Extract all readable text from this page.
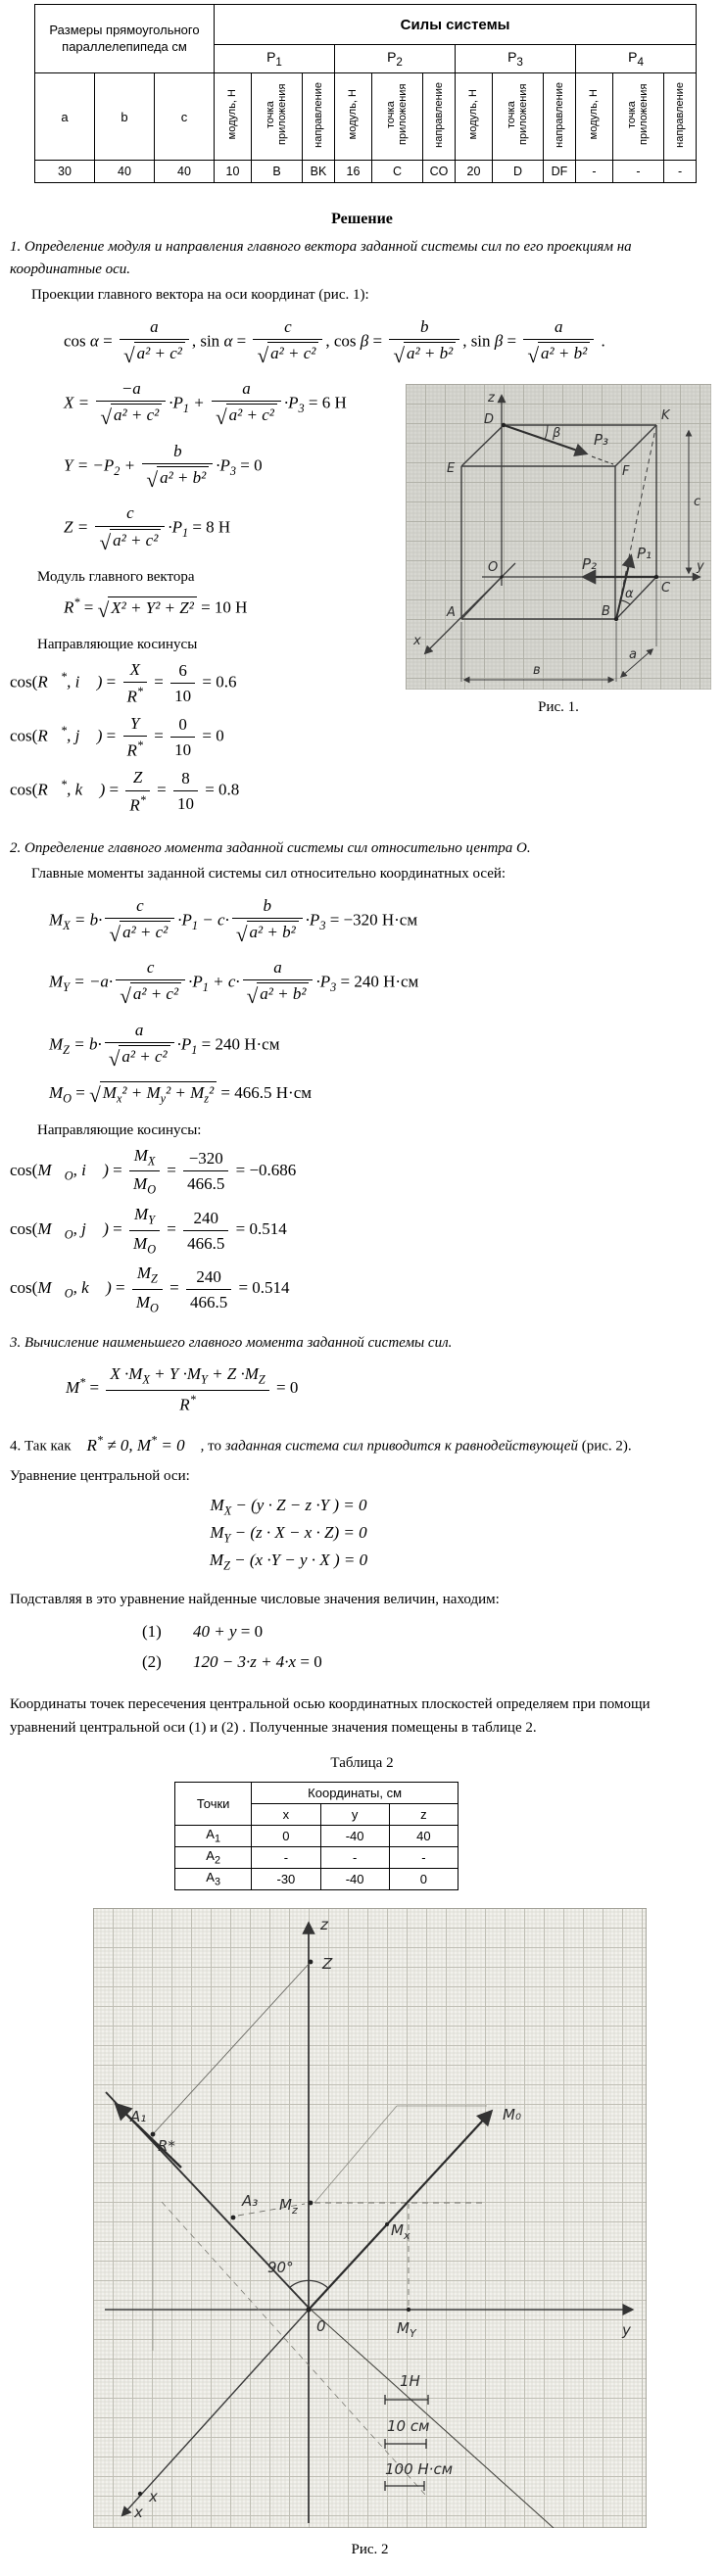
Размеры прямоугольного параллелепипеда см			Силы системы											
			$P_1$			$P_2$			$P_3$			$P_4$
a	b	c	модуль, Н	точка приложения	направление	модуль, Н	точка приложения	направление	модуль, Н	точка приложения	направление	модуль, Н	точка приложения	направление
30	40	40	10	B	BK	16	C	CO	20	D	DF	-	-	-
Решение

1. Определение модуля и направления главного вектора заданной системы сил по его проекциям на координатные оси.

Проекции главного вектора на оси координат (рис. 1):

$\cos \alpha = \frac{a}{\text{√ a² + c²}}$ , $\sin \alpha = \frac{c}{\text{√ a² + c²}}$ , $\cos \beta = \frac{b}{\text{√ a² + b²}}$ , $\sin \beta = \frac{a}{\text{√ a² + b²}}$ .
z
D	K
E	F
O	y
C
B
A
x
P₃
P₁
P₂
β
α
c
a
в
Рис. 1.
$X = \frac{-a}{\text{√ a² + c²}} \cdot P_1 + \frac{a}{\text{√ a² + c²}} \cdot P_3 = 6$ Н
$Y = -P_2 + \frac{b}{\text{√ a² + b²}} \cdot P_3 = 0$
$Z = \frac{c}{\text{√ a² + c²}} \cdot P_1 = 8$ Н

Модуль главного вектора

R* = √ X² + Y² + Z² = 10 Н

Направляющие косинусы

cos(R⃗*, i⃗ ) = $\frac{X}{R^*} = \frac{6}{10} = 0.6$
cos(R⃗*, j⃗ ) = $\frac{Y}{R^*} = \frac{0}{10} = 0$
cos(R⃗*, k⃗ ) = $\frac{Z}{R^*} = \frac{8}{10} = 0.8$

2. Определение главного момента заданной системы сил относительно центра О.

Главные моменты заданной системы сил относительно координатных осей:

$M_X = b\cdot \frac{c}{\text{√ a² + c²}} \cdot P_1 - c\cdot \frac{b}{\text{√ a² + b²}} \cdot P_3 = -320$ Н·см
$M_Y = -a\cdot \frac{c}{\text{√ a² + c²}} \cdot P_1 + c\cdot \frac{a}{\text{√ a² + b²}} \cdot P_3 = 240$ Н·см
$M_Z = b\cdot \frac{a}{\text{√ a² + c²}} \cdot P_1 = 240$ Н·см
$M_O$ = √ $M_x^2 + M_y^2 + M_z^2 = 466.5$ Н·см

Направляющие косинусы:

$\cos(M⃗_O$, i⃗ ) = $\frac{M_X}{M_O} = \frac{-320}{466.5} = -0.686$
$\cos(M⃗_O$, j⃗ ) = $\frac{M_Y}{M_O} = \frac{240}{466.5} = 0.514$
$\cos(M⃗_O$, k⃗ ) = $\frac{M_Z}{M_O} = \frac{240}{466.5} = 0.514$

3. Вычисление наименьшего главного момента заданной системы сил.

$M^* = \frac{X \cdot M_X + Y \cdot M_Y + Z \cdot M_Z}{R^*} = 0$

4. Так как R* ≠ 0, M* = 0 , то заданная система сил приводится к равнодействующей (рис. 2).

Уравнение центральной оси:

$M_X - (y \cdot Z - z \cdot Y$ ) = 0
$M_Y - (z \cdot X - x \cdot Z) = 0$
$M_Z - (x \cdot Y - y \cdot X$ ) = 0

Подставляя в это уравнение найденные числовые значения величин, находим:

(1) 40 + y = 0
(2) 120 − 3·z + 4·x = 0

Координаты точек пересечения центральной осью координатных плоскостей определяем при помощи уравнений центральной оси (1) и (2) . Полученные значения помещены в таблице 2.

Таблица 2
Точки	Координаты, см		
	x	y	z
$А_1$	0	-40	40
$А_2$	-	-	-
$А_3$	-30	-40	0
z
Z
A₁
R*
A₃ $M_z$
$M_x$
$M_Y$
M₀
90°
0
x
x
y
1Н
10 см
100 Н·см
Рис. 2
